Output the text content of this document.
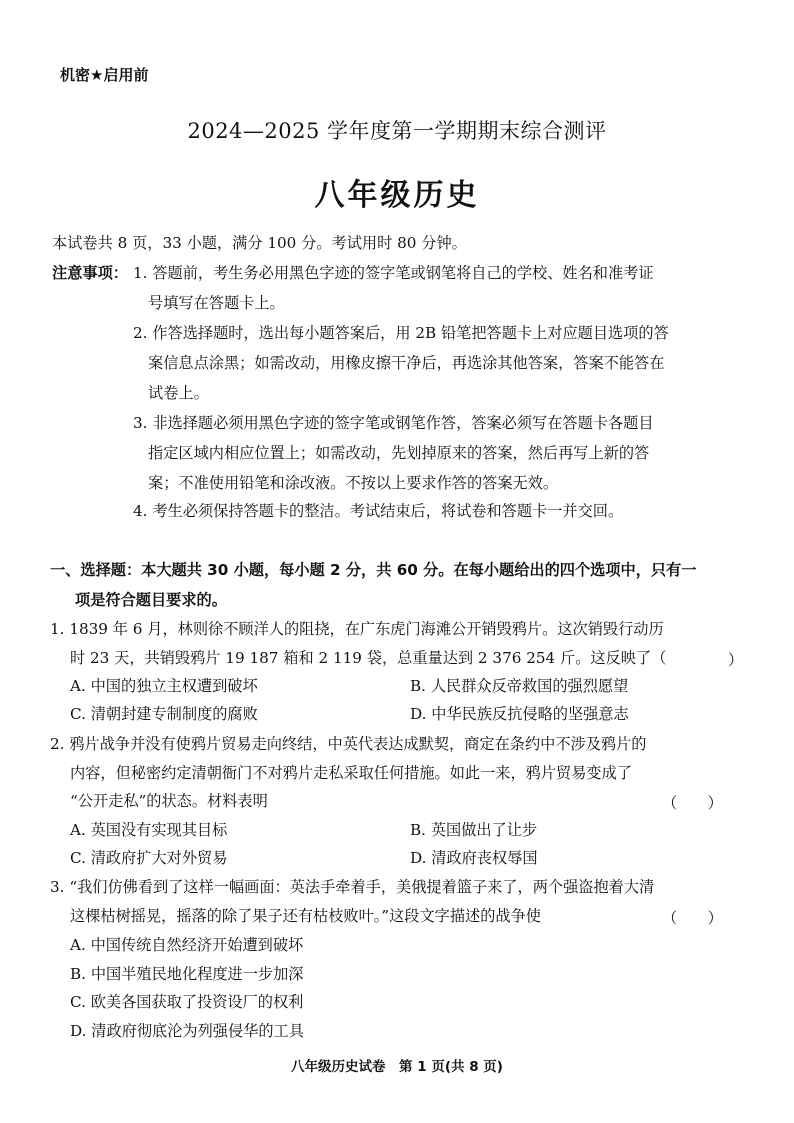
机密★启用前
2024—2025 学年度第一学期期末综合测评
八年级历史
本试卷共 8 页，33 小题，满分 100 分。考试用时 80 分钟。
注意事项： 1. 答题前，考生务必用黑色字迹的签字笔或钢笔将自己的学校、姓名和准考证
号填写在答题卡上。
2. 作答选择题时，选出每小题答案后，用 2B 铅笔把答题卡上对应题目选项的答
案信息点涂黑；如需改动，用橡皮擦干净后，再选涂其他答案，答案不能答在
试卷上。
3. 非选择题必须用黑色字迹的签字笔或钢笔作答，答案必须写在答题卡各题目
指定区域内相应位置上；如需改动，先划掉原来的答案，然后再写上新的答
案；不准使用铅笔和涂改液。不按以上要求作答的答案无效。
4. 考生必须保持答题卡的整洁。考试结束后，将试卷和答题卡一并交回。
一、选择题：本大题共 30 小题，每小题 2 分，共 60 分。在每小题给出的四个选项中，只有一
项是符合题目要求的。
1. 1839 年 6 月，林则徐不顾洋人的阻挠，在广东虎门海滩公开销毁鸦片。这次销毁行动历
时 23 天，共销毁鸦片 19 187 箱和 2 119 袋，总重量达到 2 376 254 斤。这反映了（	）
A. 中国的独立主权遭到破坏	B. 人民群众反帝救国的强烈愿望
C. 清朝封建专制制度的腐败	D. 中华民族反抗侵略的坚强意志
2. 鸦片战争并没有使鸦片贸易走向终结，中英代表达成默契，商定在条约中不涉及鸦片的
内容，但秘密约定清朝衙门不对鸦片走私采取任何措施。如此一来，鸦片贸易变成了
“公开走私”的状态。材料表明	（　　）
A. 英国没有实现其目标	B. 英国做出了让步
C. 清政府扩大对外贸易	D. 清政府丧权辱国
3. “我们仿佛看到了这样一幅画面：英法手牵着手，美俄提着篮子来了，两个强盗抱着大清
这棵枯树摇晃，摇落的除了果子还有枯枝败叶。”这段文字描述的战争使	（　　）
A. 中国传统自然经济开始遭到破坏
B. 中国半殖民地化程度进一步加深
C. 欧美各国获取了投资设厂的权利
D. 清政府彻底沦为列强侵华的工具
八年级历史试卷　第 1 页(共 8 页)
